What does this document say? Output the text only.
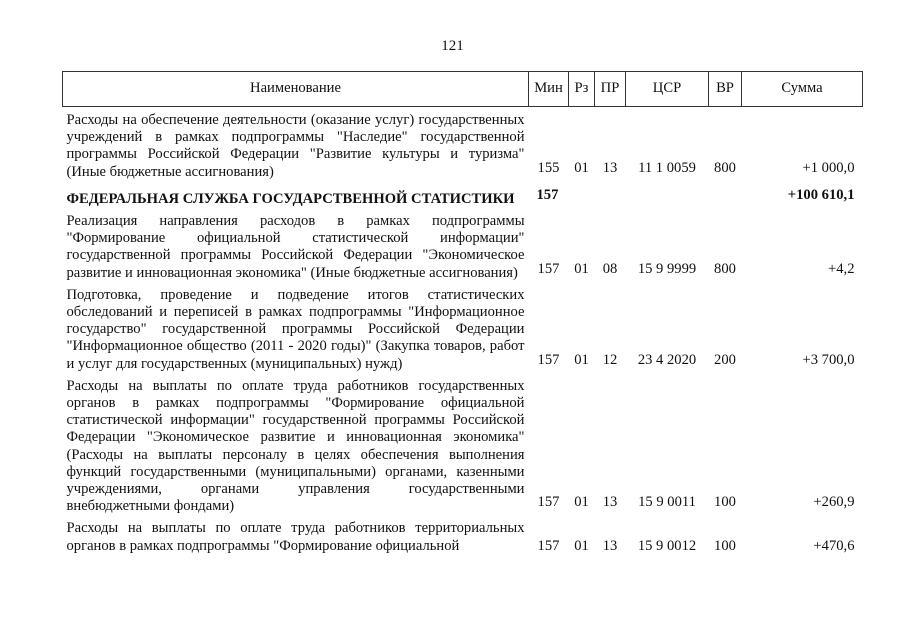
121
Наименование	Мин	Рз	ПР	ЦСР	ВР	Сумма
Расходы на обеспечение деятельности (оказание услуг) государственных учреждений в рамках подпрограммы "Наследие" государственной программы Российской Федерации "Развитие культуры и туризма" (Иные бюджетные ассигнования)	155	01	13	11 1 0059	800	+1 000,0
ФЕДЕРАЛЬНАЯ СЛУЖБА ГОСУДАРСТВЕННОЙ СТАТИСТИКИ	157					+100 610,1
Реализация направления расходов в рамках подпрограммы "Формирование официальной статистической информации" государственной программы Российской Федерации "Экономическое развитие и инновационная экономика" (Иные бюджетные ассигнования)	157	01	08	15 9 9999	800	+4,2
Подготовка, проведение и подведение итогов статистических обследований и переписей в рамках подпрограммы "Информационное государство" государственной программы Российской Федерации "Информационное общество (2011 - 2020 годы)" (Закупка товаров, работ и услуг для государственных (муниципальных) нужд)	157	01	12	23 4 2020	200	+3 700,0
Расходы на выплаты по оплате труда работников государственных органов в рамках подпрограммы "Формирование официальной статистической информации" государственной программы Российской Федерации "Экономическое развитие и инновационная экономика" (Расходы на выплаты персоналу в целях обеспечения выполнения функций государственными (муниципальными) органами, казенными учреждениями, органами управления государственными внебюджетными фондами)	157	01	13	15 9 0011	100	+260,9
Расходы на выплаты по оплате труда работников территориальных органов в рамках подпрограммы "Формирование официальной	157	01	13	15 9 0012	100	+470,6
